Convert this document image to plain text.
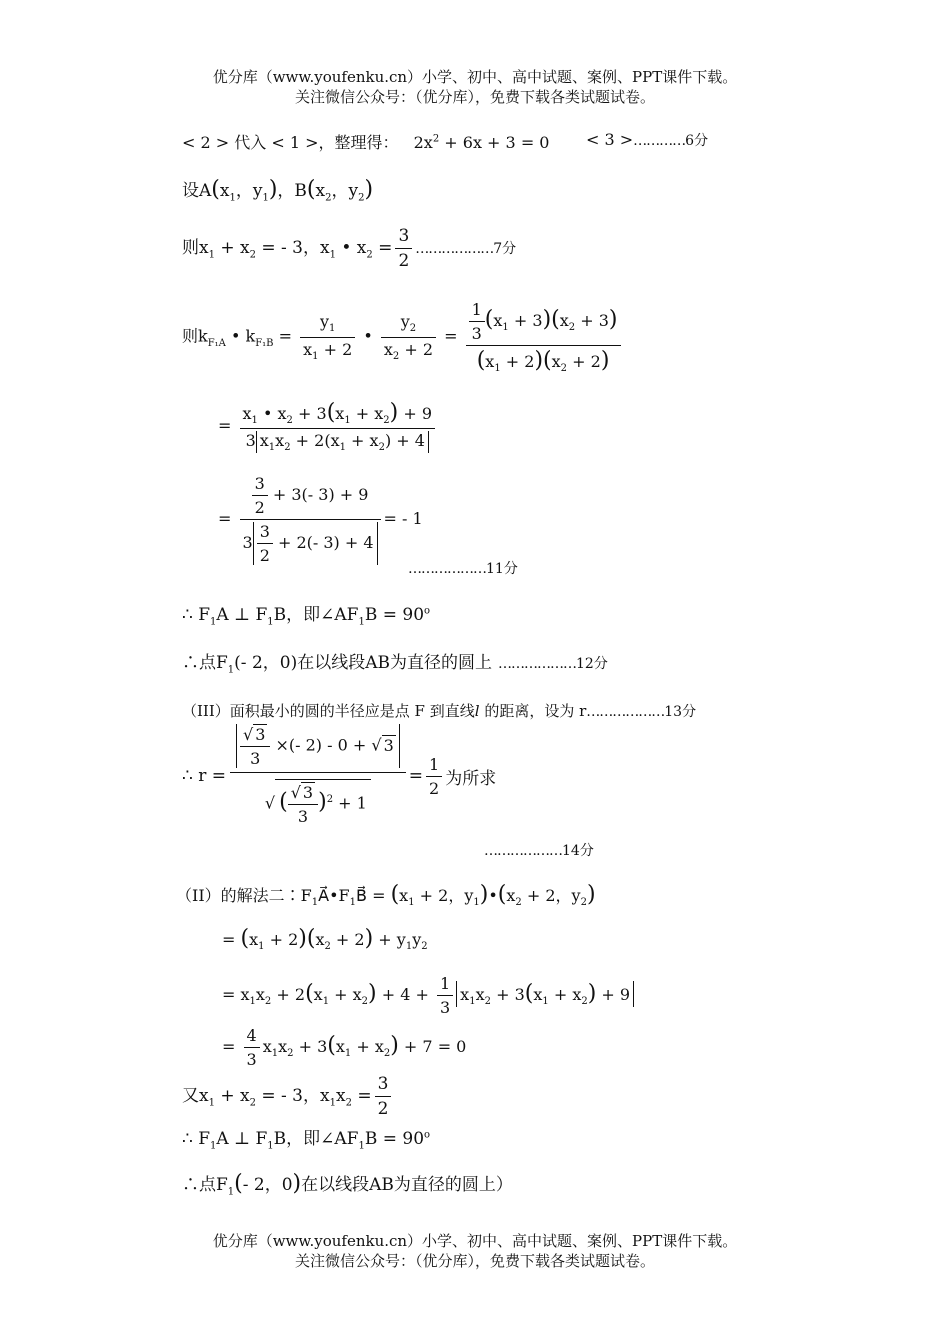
优分库（www.youfenku.cn）小学、初中、高中试题、案例、PPT课件下载。
关注微信公众号：（优分库），免费下载各类试题试卷。
< 2 > 代入 < 1 >，整理得： $2x^2 + 6x + 3 = 0 < 3$ >…………6分
设$A(x_1$，$y_1$)，$B(x_2$，$y_2$)
则$x_1 + x_2$ = - 3，$x_1$ • $x_2 = \frac{3}{2}$ ………………7分
则$k_{F_1A}$ • $k_{F_1B} = \frac{y_1}{x_1 + 2}$ • $\frac{y_2}{x_2 + 2} = \frac{\frac{1}{3} (x_1 + 3)(x_2 + 3)}{(x_1 + 2)(x_2 + 2)}$
= $\frac{x_1 • x_2 + 3(x_1 + x_2) + 9}{3 x_1x_2 + 2(x_1 + x_2) + 4}$
= $\frac{\frac{3}{2} + 3(- 3) + 9}{3 \frac{3}{2} + 2(- 3) + 4}$ = - 1
………………11分
∴ $F_1A$ ⊥ $F_1B$，即$\angle AF_1B = 90^o$
∴点$F_1(-$ 2，0)在以线段AB为直径的圆上 ………………12分
（III）面积最小的圆的半径应是点 F 到直线l 的距离，设为 r………………13分
∴ $r = \frac{\frac{√ 3}{3} \times(- 2) - 0 + √ 3}{√ ( \frac{√ 3}{3} )^2 + 1} = \frac{1}{2}$ 为所求
………………14分
（II）的解法二$∶F_1A⃗•F_1B⃗ = (x_1 + 2$，$y_1)•(x_2 + 2$，$y_2$)
= $(x_1 + 2)(x_2 + 2) + y_1y_2$
= $x_1x_2 + 2(x_1 + x_2) + 4 + \frac{1}{3} x_1x_2 + 3(x_1 + x_2) + 9$
= $\frac{4}{3} x_1x_2 + 3(x_1 + x_2) + 7 = 0$
又$x_1 + x_2$ = - 3，$x_1x_2 = \frac{3}{2}$
∴ $F_1A$ ⊥ $F_1B$，即$\angle AF_1B = 90^o$
∴点$F_1(-$ 2，0)在以线段AB为直径的圆上）
优分库（www.youfenku.cn）小学、初中、高中试题、案例、PPT课件下载。
关注微信公众号：（优分库），免费下载各类试题试卷。
